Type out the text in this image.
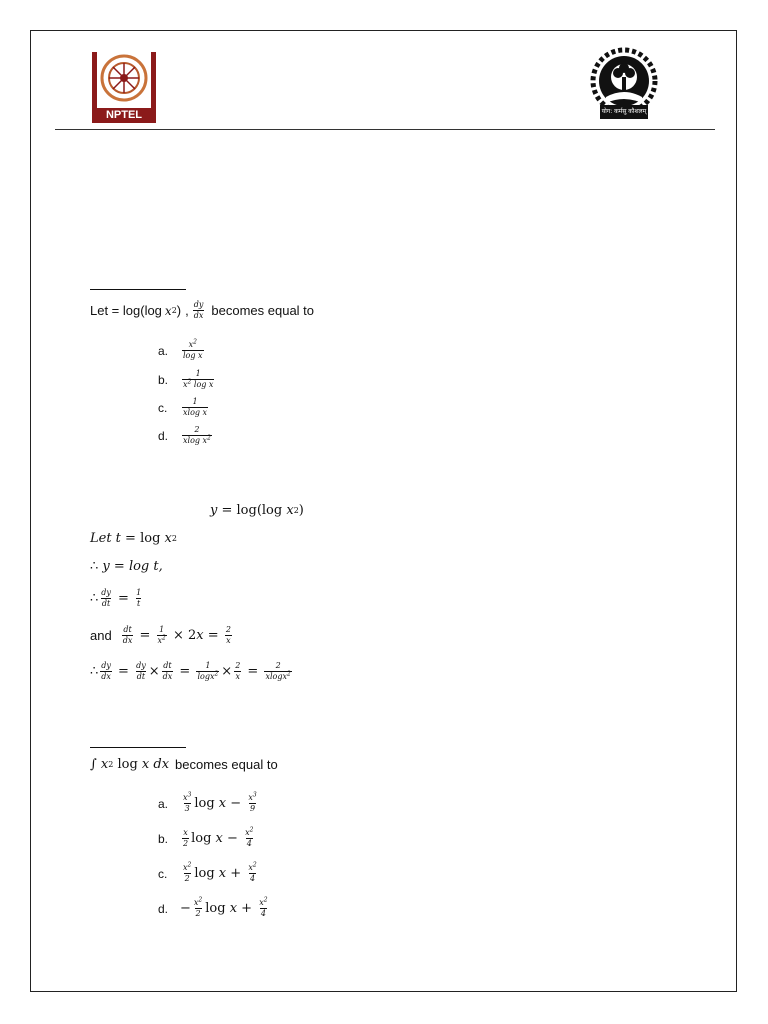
NPTEL	योग: कर्मसु कौशलम्
Let = log(log x 2 ) , $\frac{dy}{dx}$ becomes equal to
a.	$\frac{x^2}{\text{log x}}$
b.	$\frac{1}{x^2 \log x}$
c.	$\frac{1}{\text{xlog x}}$
d.	$\frac{2}{xlog x^2}$
y = log(log x 2 )
Let t = log x 2
∴ y = log t,
∴ $\frac{dy}{dt} = \frac{1}{t}$
and $\frac{dt}{dx} = \frac{1}{x^2} \times 2$ $x = \frac{2}{x}$
∴ $\frac{dy}{dx} = \frac{dy}{dt} \times \frac{dt}{dx} = \frac{1}{\log x^2} \times \frac{2}{x} = \frac{2}{xlogx^2}$
∫ x 2 log x dx becomes equal to
a.	$\frac{x^3}{3}$ $\log x - \frac{x^3}{9}$
b.	$\frac{x}{2}$ $\log x - \frac{x^2}{4}$
c.	$\frac{x^2}{2}$ $\log x + \frac{x^2}{4}$
d. − $\frac{x^2}{2}$ $\log x + \frac{x^2}{4}$
